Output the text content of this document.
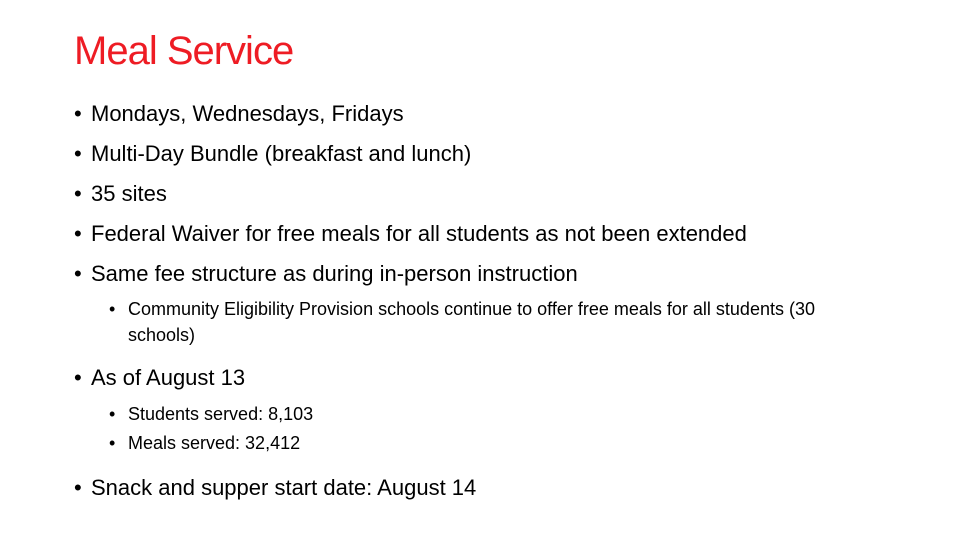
Meal Service
• Mondays, Wednesdays, Fridays
• Multi-Day Bundle (breakfast and lunch)
• 35 sites
• Federal Waiver for free meals for all students as not been extended
• Same fee structure as during in-person instruction
• Community Eligibility Provision schools continue to offer free meals for all students (30 schools)
• As of August 13
• Students served: 8,103
• Meals served: 32,412
• Snack and supper start date: August 14
